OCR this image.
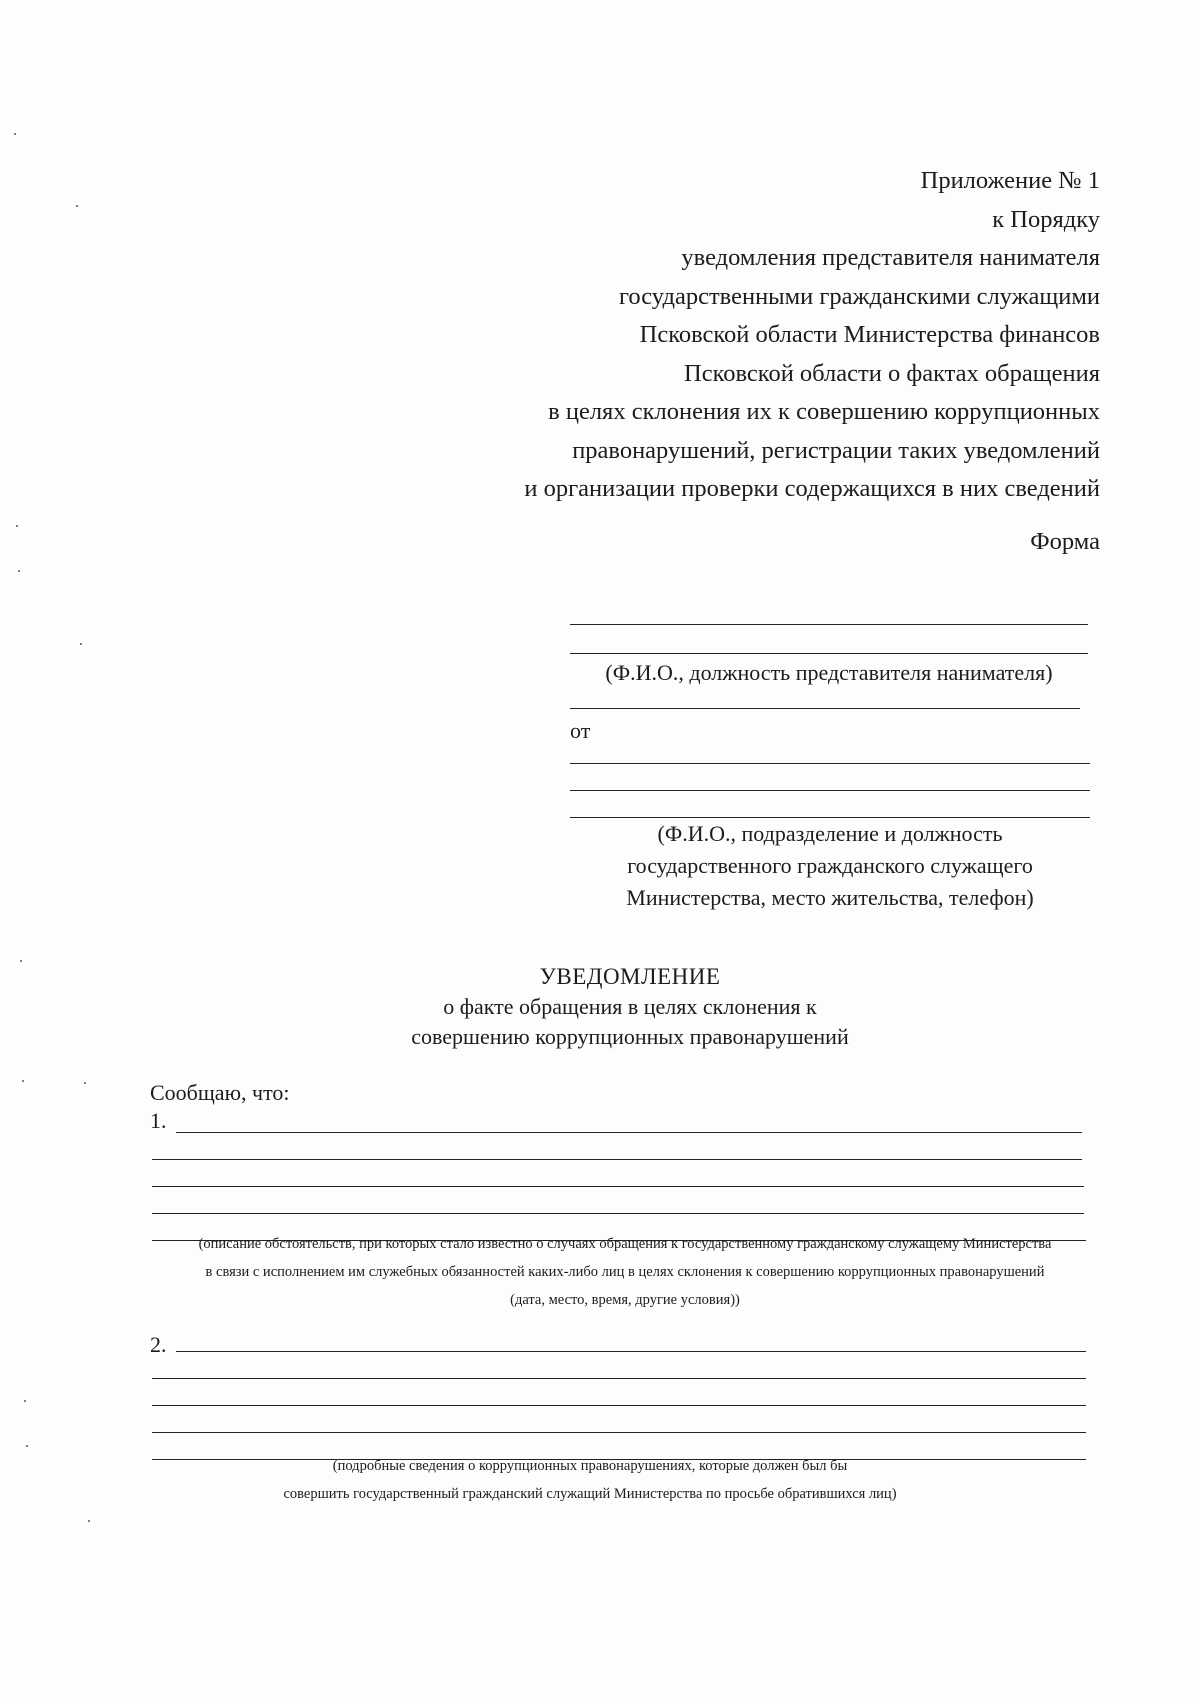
Приложение № 1
к Порядку
уведомления представителя нанимателя
государственными гражданскими служащими
Псковской области Министерства финансов
Псковской области о фактах обращения
в целях склонения их к совершению коррупционных
правонарушений, регистрации таких уведомлений
и организации проверки содержащихся в них сведений
Форма
(Ф.И.О., должность представителя нанимателя)
от
(Ф.И.О., подразделение и должность
государственного гражданского служащего
Министерства, место жительства, телефон)
УВЕДОМЛЕНИЕ
о факте обращения в целях склонения к
совершению коррупционных правонарушений
Сообщаю, что:
1.
(описание обстоятельств, при которых стало известно о случаях обращения к государственному гражданскому служащему Министерства
в связи с исполнением им служебных обязанностей каких-либо лиц в целях склонения к совершению коррупционных правонарушений
(дата, место, время, другие условия))
2.
(подробные сведения о коррупционных правонарушениях, которые должен был бы
совершить государственный гражданский служащий Министерства по просьбе обратившихся лиц)
